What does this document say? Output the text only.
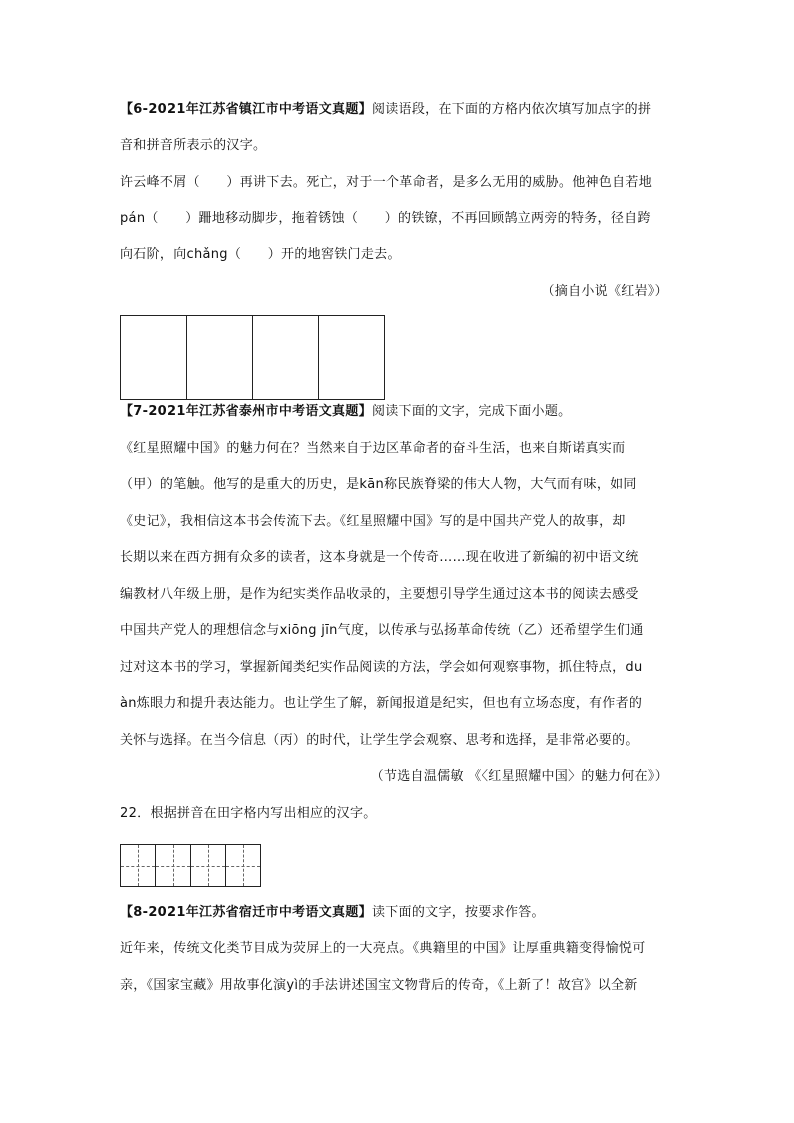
【6-2021年江苏省镇江市中考语文真题】阅读语段，在下面的方格内依次填写加点字的拼
音和拼音所表示的汉字。
许云峰不屑（　　）再讲下去。死亡，对于一个革命者，是多么无用的威胁。他神色自若地
pán（　　）跚地移动脚步，拖着锈蚀（　　）的铁镣，不再回顾鹄立两旁的特务，径自跨
向石阶，向chǎng（　　）开的地窖铁门走去。
（摘自小说《红岩》）
【7-2021年江苏省泰州市中考语文真题】阅读下面的文字，完成下面小题。
《红星照耀中国》的魅力何在？当然来自于边区革命者的奋斗生活，也来自斯诺真实而
（甲）的笔触。他写的是重大的历史，是kān称民族脊梁的伟大人物，大气而有味，如同
《史记》，我相信这本书会传流下去。《红星照耀中国》写的是中国共产党人的故事，却
长期以来在西方拥有众多的读者，这本身就是一个传奇……现在收进了新编的初中语文统
编教材八年级上册，是作为纪实类作品收录的，主要想引导学生通过这本书的阅读去感受
中国共产党人的理想信念与xiōng jīn气度，以传承与弘扬革命传统（乙）还希望学生们通
过对这本书的学习，掌握新闻类纪实作品阅读的方法，学会如何观察事物，抓住特点，du
àn炼眼力和提升表达能力。也让学生了解，新闻报道是纪实，但也有立场态度，有作者的
关怀与选择。在当今信息（丙）的时代，让学生学会观察、思考和选择，是非常必要的。
（节选自温儒敏 《〈红星照耀中国〉的魅力何在》）
22．根据拼音在田字格内写出相应的汉字。
【8-2021年江苏省宿迁市中考语文真题】读下面的文字，按要求作答。
近年来，传统文化类节目成为荧屏上的一大亮点。《典籍里的中国》让厚重典籍变得愉悦可
亲，《国家宝藏》用故事化演yì的手法讲述国宝文物背后的传奇，《上新了！故宫》以全新
